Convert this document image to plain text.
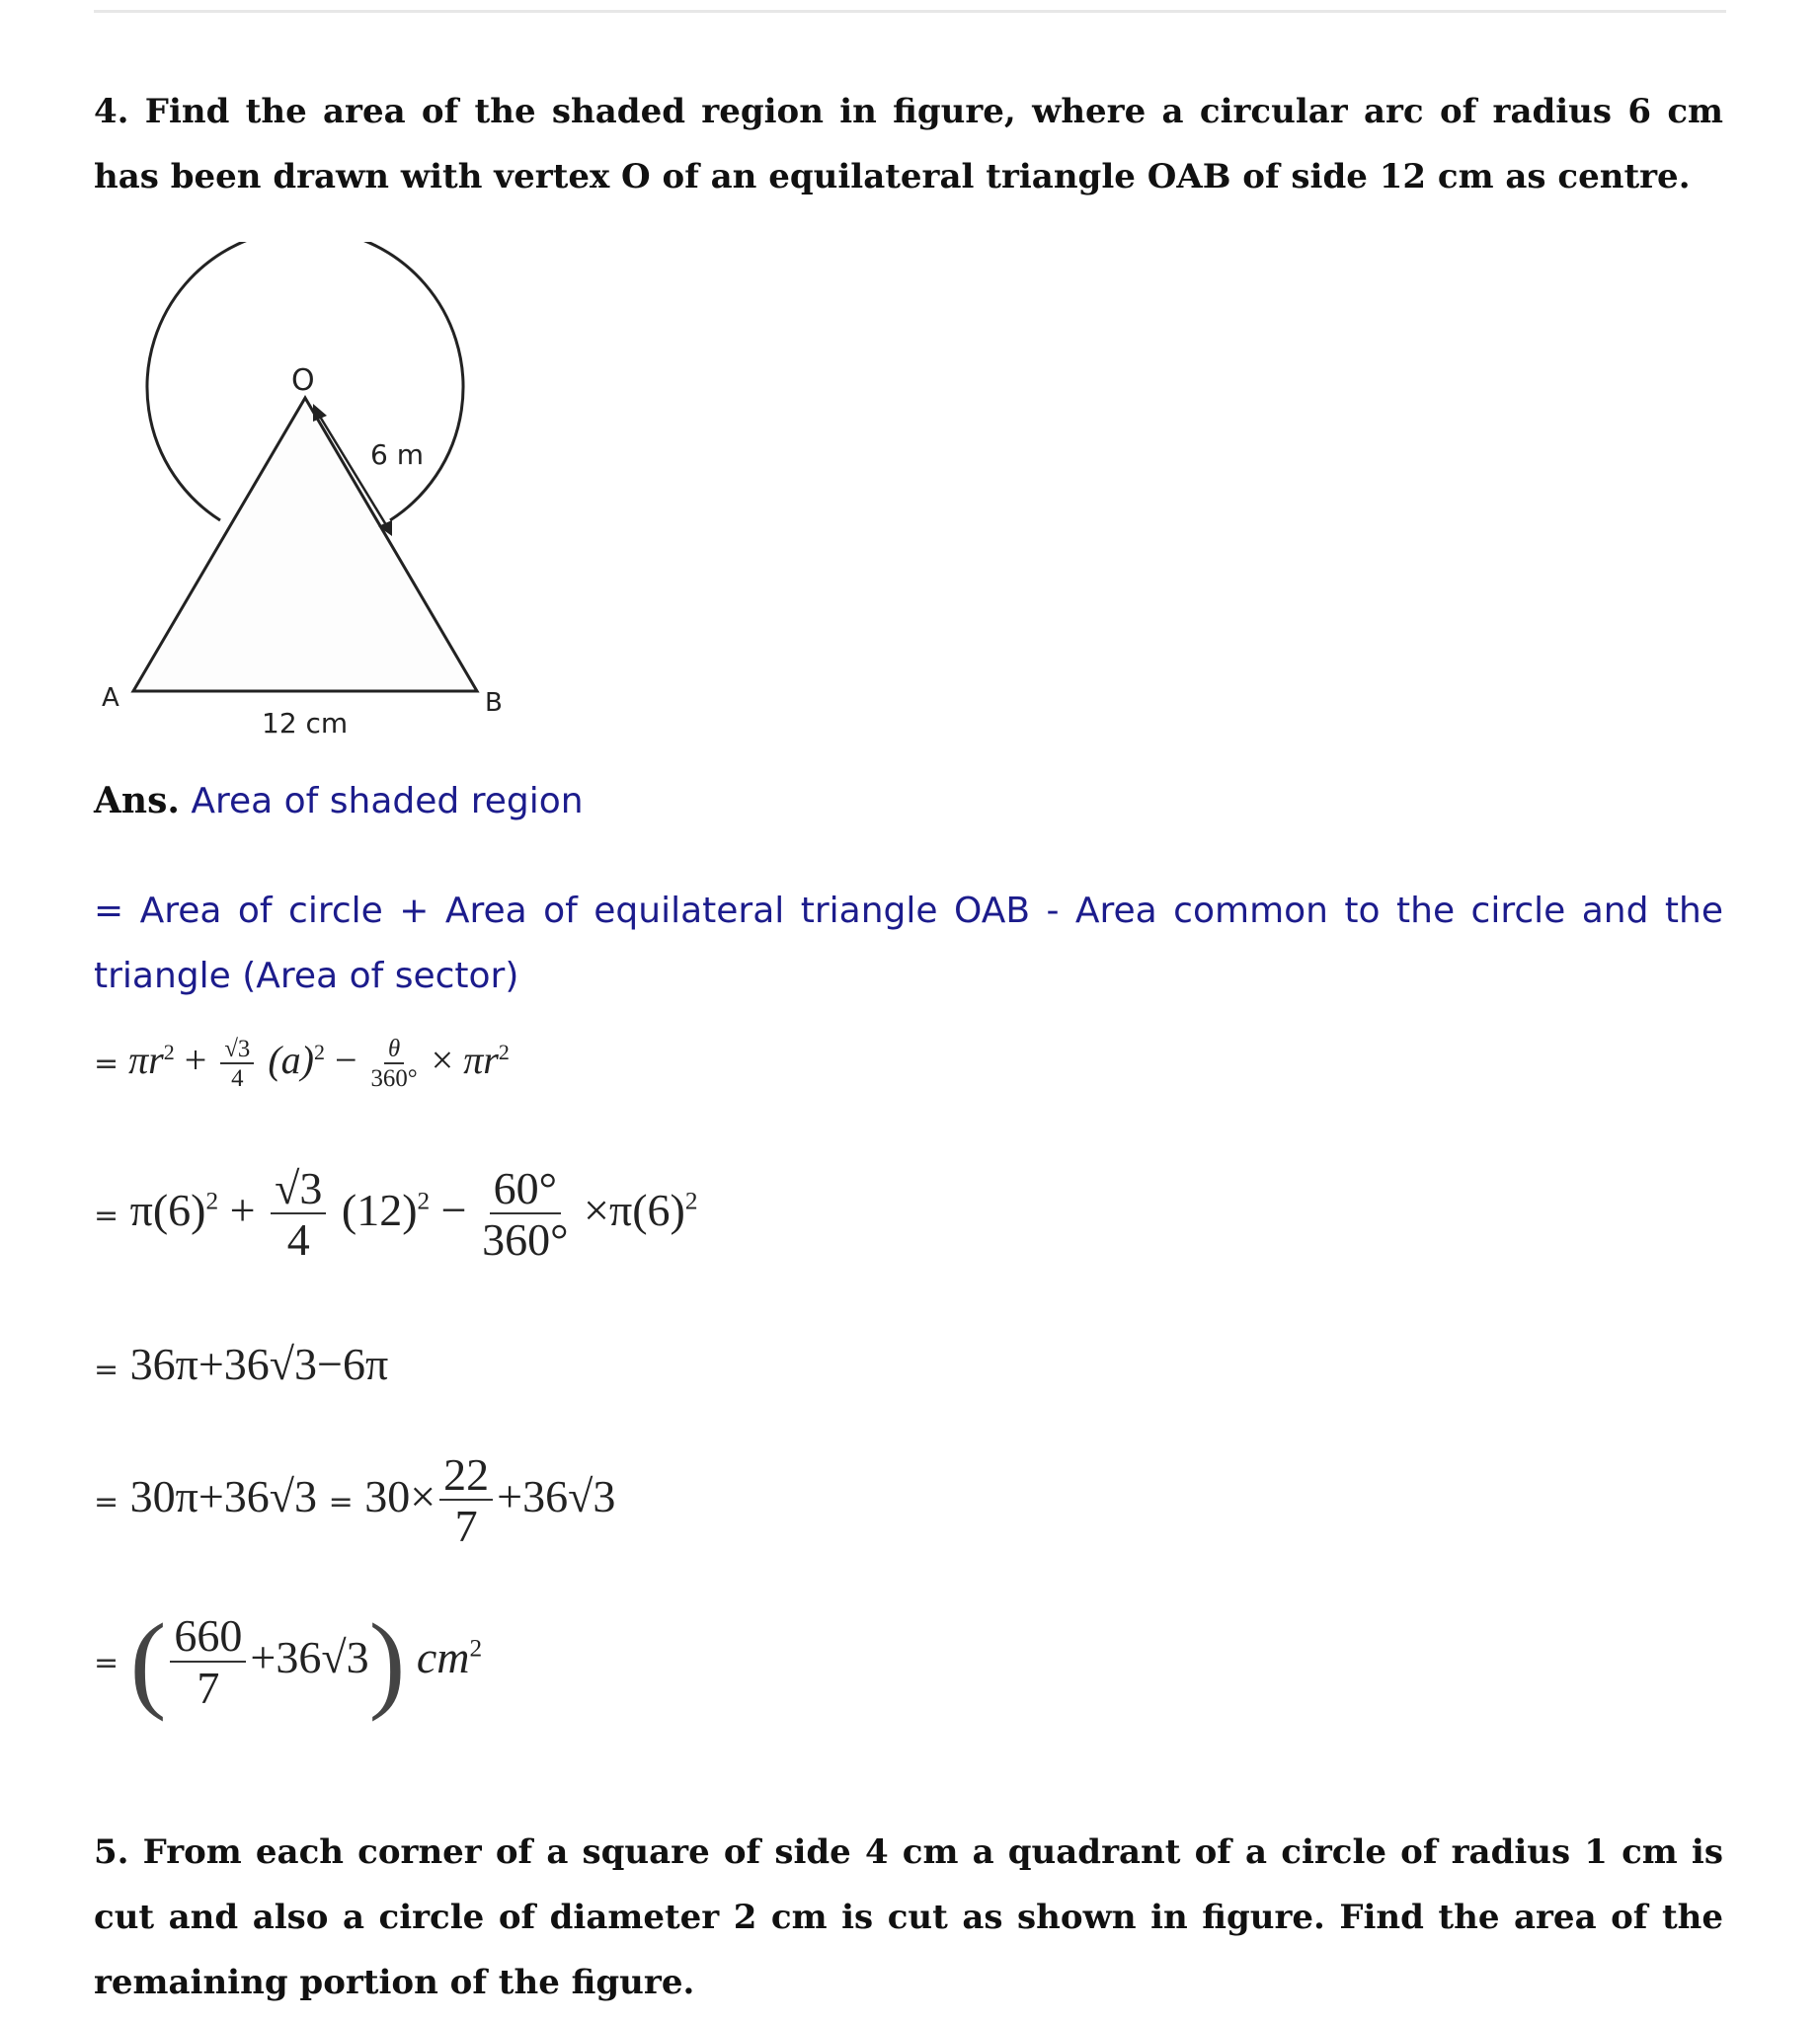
4. Find the area of the shaded region in figure, where a circular arc of radius 6 cm has been drawn with vertex O of an equilateral triangle OAB of side 12 cm as centre.
O
6 m
A	B
12 cm
Ans. Area of shaded region
= Area of circle + Area of equilateral triangle OAB - Area common to the circle and the triangle (Area of sector)
= $\pi r^2 + \frac{√3}{4} (a)^2 - \frac{\theta}{360^\circ} \times \pi r^2$
= $\pi(6)^2 + \frac{√3}{4} (12)^2 - \frac{60^\circ}{360^\circ} \times\pi(6)^2$
= 36π+36√3−6π
= $30\pi+36√3 = 30\times \frac{22}{7} +36√3$
= ( $\frac{660}{7} +36√3$) $cm^2$
5. From each corner of a square of side 4 cm a quadrant of a circle of radius 1 cm is cut and also a circle of diameter 2 cm is cut as shown in figure. Find the area of the remaining portion of the figure.
